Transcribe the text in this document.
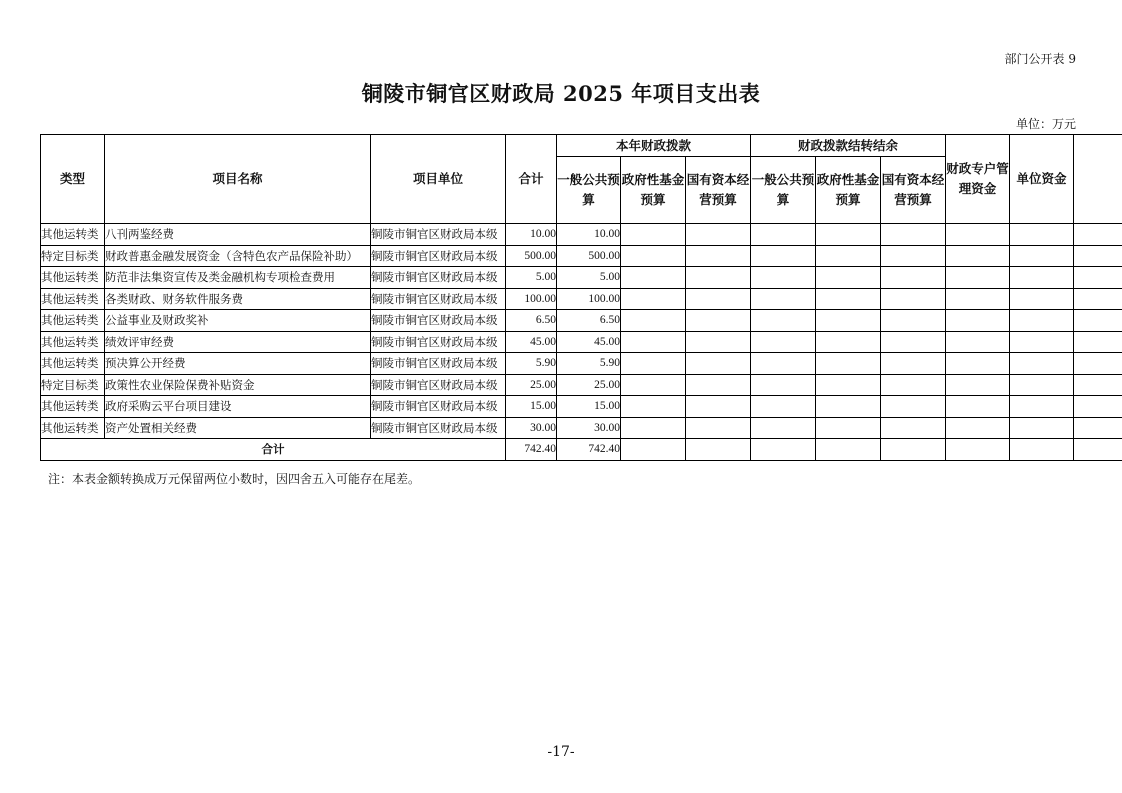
部门公开表 9
铜陵市铜官区财政局 2025 年项目支出表
单位：万元
类型	项目名称	项目单位	合计	本年财政拨款			财政拨款结转结余			财政专户管理资金	单位资金	
				一般公共预算	政府性基金预算	国有资本经营预算	一般公共预算	政府性基金预算	国有资本经营预算			
其他运转类	八刊两鉴经费	铜陵市铜官区财政局本级	10.00	10.00								
特定目标类	财政普惠金融发展资金（含特色农产品保险补助）	铜陵市铜官区财政局本级	500.00	500.00								
其他运转类	防范非法集资宣传及类金融机构专项检查费用	铜陵市铜官区财政局本级	5.00	5.00								
其他运转类	各类财政、财务软件服务费	铜陵市铜官区财政局本级	100.00	100.00								
其他运转类	公益事业及财政奖补	铜陵市铜官区财政局本级	6.50	6.50								
其他运转类	绩效评审经费	铜陵市铜官区财政局本级	45.00	45.00								
其他运转类	预决算公开经费	铜陵市铜官区财政局本级	5.90	5.90								
特定目标类	政策性农业保险保费补贴资金	铜陵市铜官区财政局本级	25.00	25.00								
其他运转类	政府采购云平台项目建设	铜陵市铜官区财政局本级	15.00	15.00								
其他运转类	资产处置相关经费	铜陵市铜官区财政局本级	30.00	30.00								
合计			742.40	742.40								
注：本表金额转换成万元保留两位小数时，因四舍五入可能存在尾差。
-17-
